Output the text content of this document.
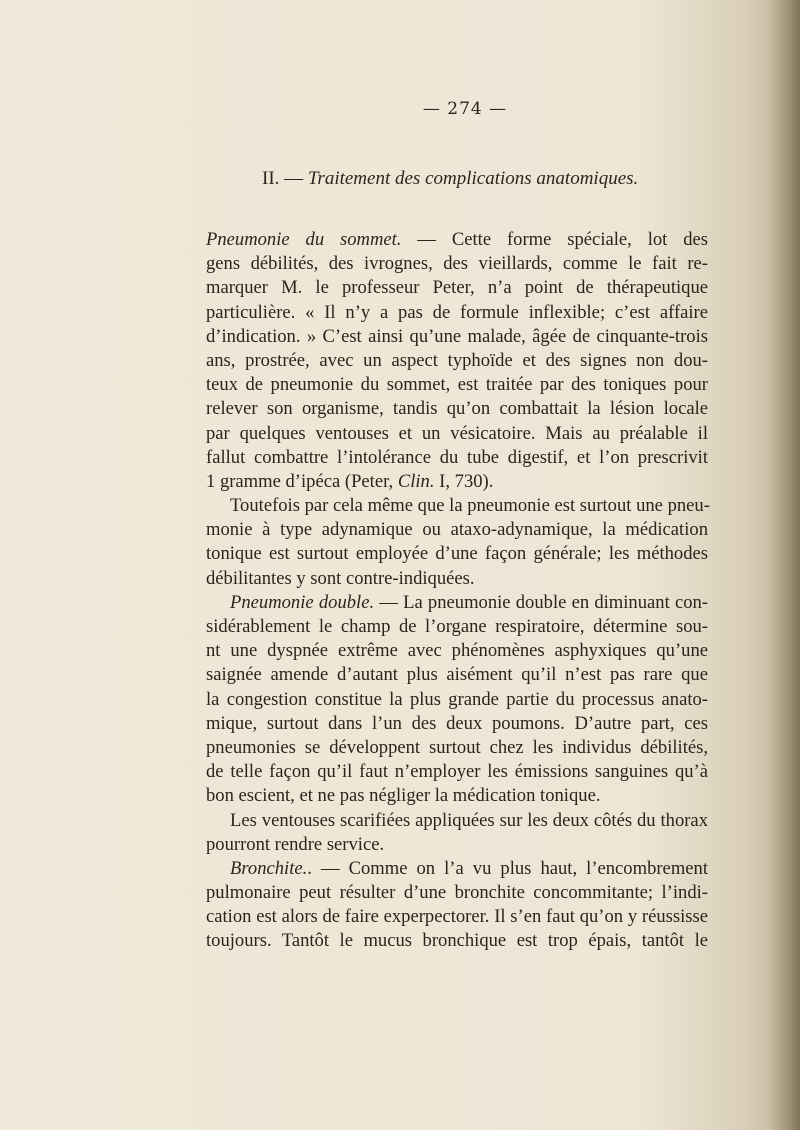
— 274 —
II. — Traitement des complications anatomiques.
Pneumonie du sommet. — Cette forme spéciale, lot des
gens débilités, des ivrognes, des vieillards, comme le fait re-
marquer M. le professeur Peter, n’a point de thérapeutique
particulière. « Il n’y a pas de formule inflexible; c’est affaire
d’indication. » C’est ainsi qu’une malade, âgée de cinquante-trois
ans, prostrée, avec un aspect typhoïde et des signes non dou-
teux de pneumonie du sommet, est traitée par des toniques pour
relever son organisme, tandis qu’on combattait la lésion locale
par quelques ventouses et un vésicatoire. Mais au préalable il
fallut combattre l’intolérance du tube digestif, et l’on prescrivit
1 gramme d’ipéca (Peter, Clin. I, 730).
Toutefois par cela même que la pneumonie est surtout une pneu-
monie à type adynamique ou ataxo-adynamique, la médication
tonique est surtout employée d’une façon générale; les méthodes
débilitantes y sont contre-indiquées.
Pneumonie double. — La pneumonie double en diminuant con-
sidérablement le champ de l’organe respiratoire, détermine sou-
nt une dyspnée extrême avec phénomènes asphyxiques qu’une
saignée amende d’autant plus aisément qu’il n’est pas rare que
la congestion constitue la plus grande partie du processus anato-
mique, surtout dans l’un des deux poumons. D’autre part, ces
pneumonies se développent surtout chez les individus débilités,
de telle façon qu’il faut n’employer les émissions sanguines qu’à
bon escient, et ne pas négliger la médication tonique.
Les ventouses scarifiées appliquées sur les deux côtés du thorax
pourront rendre service.
Bronchite.. — Comme on l’a vu plus haut, l’encombrement
pulmonaire peut résulter d’une bronchite concommitante; l’indi-
cation est alors de faire experpectorer. Il s’en faut qu’on y réussisse
toujours. Tantôt le mucus bronchique est trop épais, tantôt le
